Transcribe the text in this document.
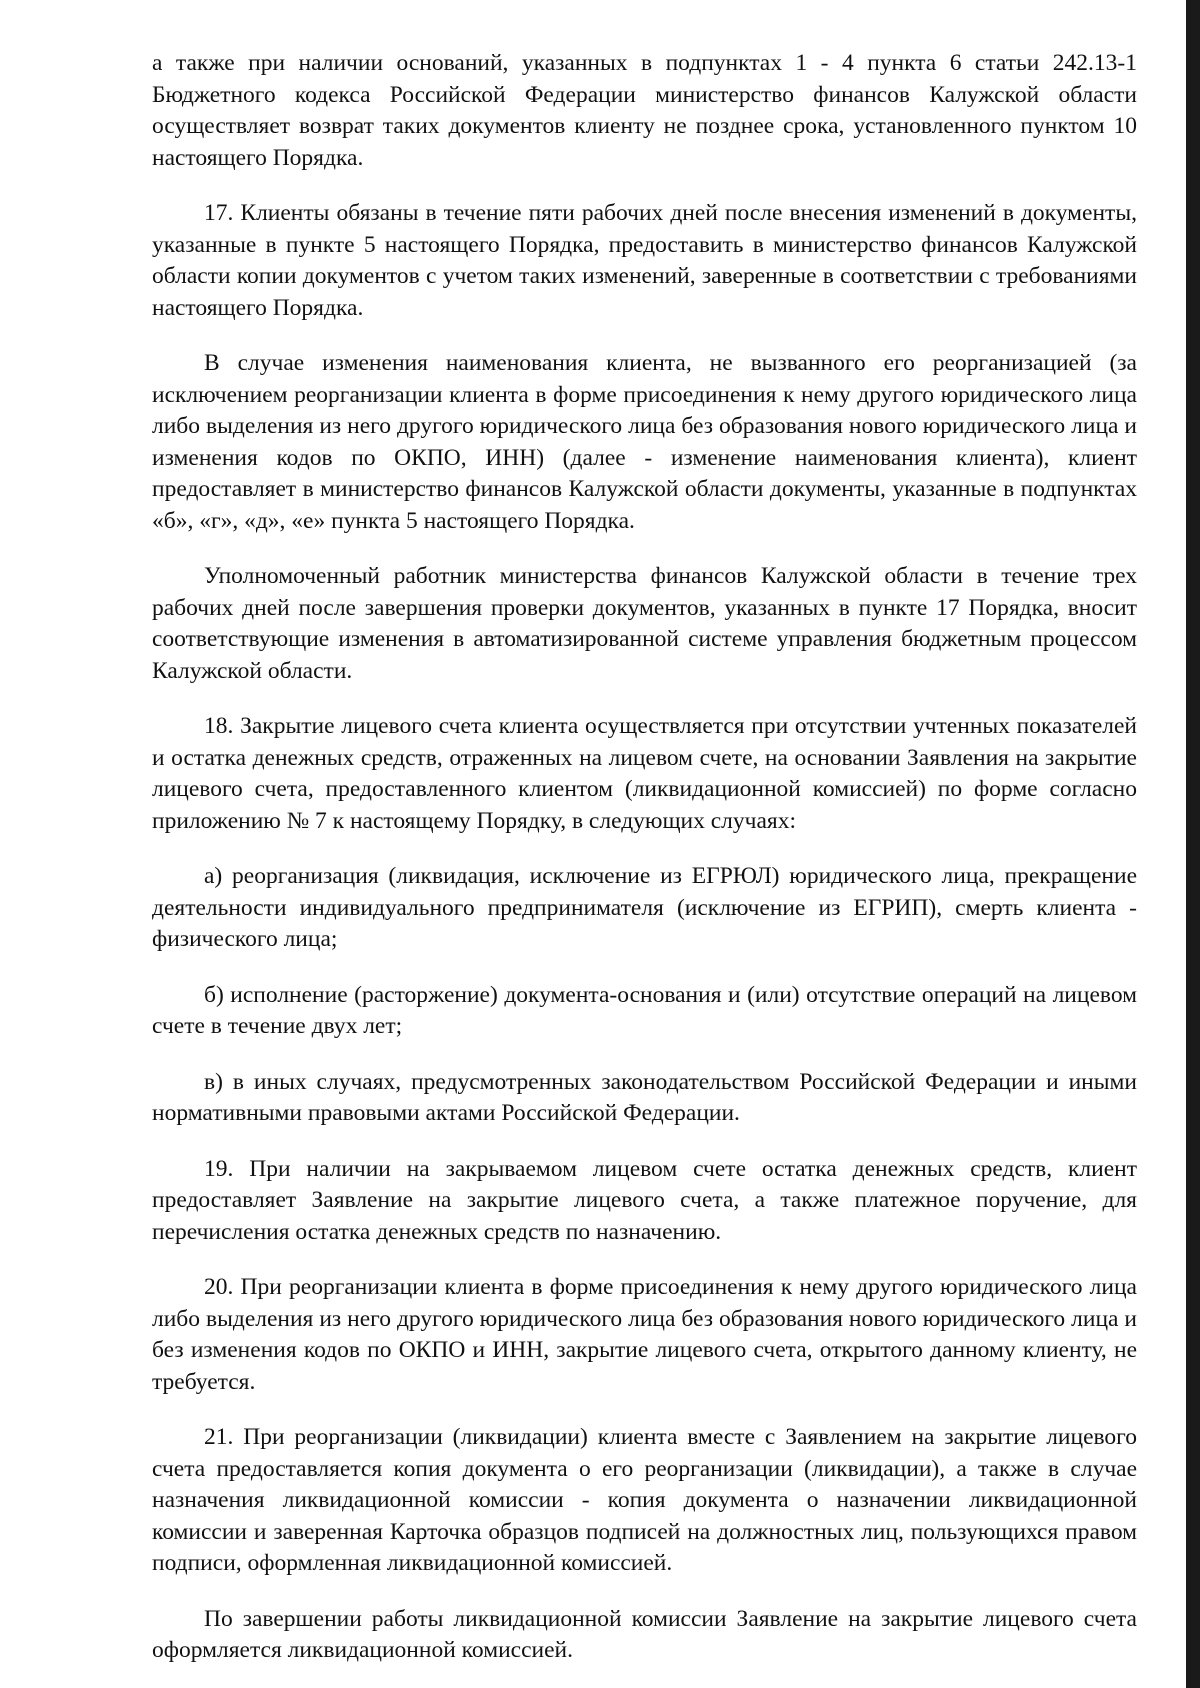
а также при наличии оснований, указанных в подпунктах 1 - 4 пункта 6 статьи 242.13-1 Бюджетного кодекса Российской Федерации министерство финансов Калужской области осуществляет возврат таких документов клиенту не позднее срока, установленного пунктом 10 настоящего Порядка.

17. Клиенты обязаны в течение пяти рабочих дней после внесения изменений в документы, указанные в пункте 5 настоящего Порядка, предоставить в министерство финансов Калужской области копии документов с учетом таких изменений, заверенные в соответствии с требованиями настоящего Порядка.

В случае изменения наименования клиента, не вызванного его реорганизацией (за исключением реорганизации клиента в форме присоединения к нему другого юридического лица либо выделения из него другого юридического лица без образования нового юридического лица и изменения кодов по ОКПО, ИНН) (далее - изменение наименования клиента), клиент предоставляет в министерство финансов Калужской области документы, указанные в подпунктах «б», «г», «д», «е» пункта 5 настоящего Порядка.

Уполномоченный работник министерства финансов Калужской области в течение трех рабочих дней после завершения проверки документов, указанных в пункте 17 Порядка, вносит соответствующие изменения в автоматизированной системе управления бюджетным процессом Калужской области.

18. Закрытие лицевого счета клиента осуществляется при отсутствии учтенных показателей и остатка денежных средств, отраженных на лицевом счете, на основании Заявления на закрытие лицевого счета, предоставленного клиентом (ликвидационной комиссией) по форме согласно приложению № 7 к настоящему Порядку, в следующих случаях:

а) реорганизация (ликвидация, исключение из ЕГРЮЛ) юридического лица, прекращение деятельности индивидуального предпринимателя (исключение из ЕГРИП), смерть клиента - физического лица;

б) исполнение (расторжение) документа-основания и (или) отсутствие операций на лицевом счете в течение двух лет;

в) в иных случаях, предусмотренных законодательством Российской Федерации и иными нормативными правовыми актами Российской Федерации.

19. При наличии на закрываемом лицевом счете остатка денежных средств, клиент предоставляет Заявление на закрытие лицевого счета, а также платежное поручение, для перечисления остатка денежных средств по назначению.

20. При реорганизации клиента в форме присоединения к нему другого юридического лица либо выделения из него другого юридического лица без образования нового юридического лица и без изменения кодов по ОКПО и ИНН, закрытие лицевого счета, открытого данному клиенту, не требуется.

21. При реорганизации (ликвидации) клиента вместе с Заявлением на закрытие лицевого счета предоставляется копия документа о его реорганизации (ликвидации), а также в случае назначения ликвидационной комиссии - копия документа о назначении ликвидационной комиссии и заверенная Карточка образцов подписей на должностных лиц, пользующихся правом подписи, оформленная ликвидационной комиссией.

По завершении работы ликвидационной комиссии Заявление на закрытие лицевого счета оформляется ликвидационной комиссией.
